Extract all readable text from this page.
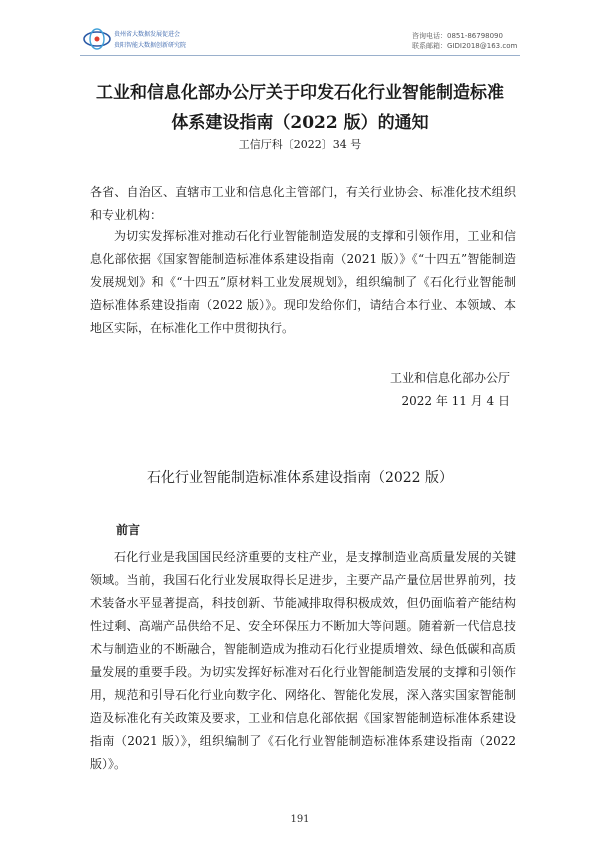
贵州省大数据发展促进会
贵阳智能大数据创新研究院
咨询电话：0851-86798090
联系邮箱：GIDI2018@163.com
工业和信息化部办公厅关于印发石化行业智能制造标准
体系建设指南（2022 版）的通知
工信厅科〔2022〕34 号
各省、自治区、直辖市工业和信息化主管部门，有关行业协会、标准化技术组织和专业机构：
为切实发挥标准对推动石化行业智能制造发展的支撑和引领作用，工业和信息化部依据《国家智能制造标准体系建设指南（2021 版）》《“十四五”智能制造发展规划》和《“十四五”原材料工业发展规划》，组织编制了《石化行业智能制造标准体系建设指南（2022 版）》。现印发给你们，请结合本行业、本领域、本地区实际，在标准化工作中贯彻执行。
工业和信息化部办公厅
2022 年 11 月 4 日
石化行业智能制造标准体系建设指南（2022 版）
前言
石化行业是我国国民经济重要的支柱产业，是支撑制造业高质量发展的关键领域。当前，我国石化行业发展取得长足进步，主要产品产量位居世界前列，技术装备水平显著提高，科技创新、节能减排取得积极成效，但仍面临着产能结构性过剩、高端产品供给不足、安全环保压力不断加大等问题。随着新一代信息技术与制造业的不断融合，智能制造成为推动石化行业提质增效、绿色低碳和高质量发展的重要手段。为切实发挥好标准对石化行业智能制造发展的支撑和引领作用，规范和引导石化行业向数字化、网络化、智能化发展，深入落实国家智能制造及标准化有关政策及要求，工业和信息化部依据《国家智能制造标准体系建设指南（2021 版）》，组织编制了《石化行业智能制造标准体系建设指南（2022 版）》。
191
